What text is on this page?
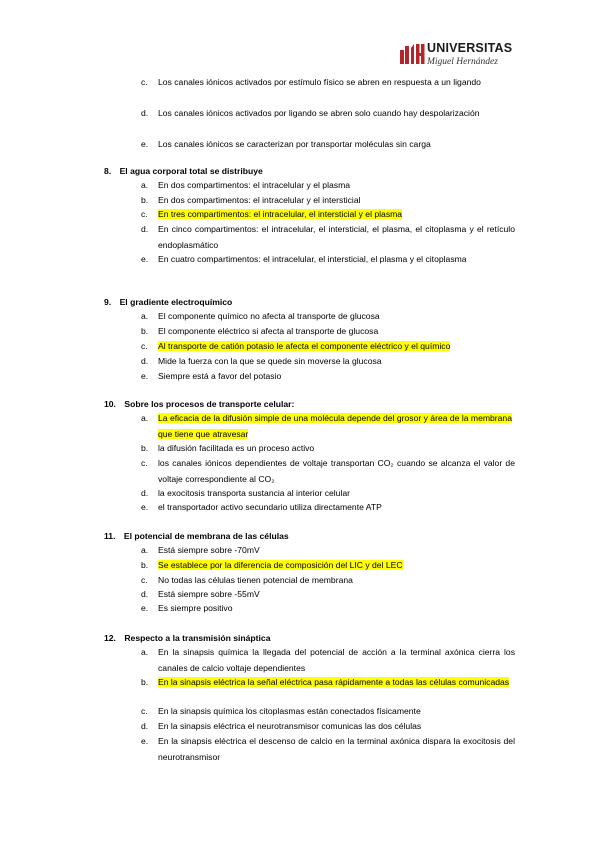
UNIVERSITAS
Miguel Hernández
c.	Los canales iónicos activados por estímulo físico se abren en respuesta a un ligando
d.	Los canales iónicos activados por ligando se abren solo cuando hay despolarización
e.	Los canales iónicos se caracterizan por transportar moléculas sin carga
8. El agua corporal total se distribuye
a.	En dos compartimentos: el intracelular y el plasma
b.	En dos compartimentos: el intracelular y el intersticial
c.	En tres compartimentos: el intracelular, el intersticial y el plasma
d.	En cinco compartimentos: el intracelular, el intersticial, el plasma, el citoplasma y el retículo endoplasmático
e.	En cuatro compartimentos: el intracelular, el intersticial, el plasma y el citoplasma
9. El gradiente electroquímico
a.	El componente químico no afecta al transporte de glucosa
b.	El componente eléctrico si afecta al transporte de glucosa
c.	Al transporte de catión potasio le afecta el componente eléctrico y el químico
d.	Mide la fuerza con la que se quede sin moverse la glucosa
e.	Siempre está a favor del potasio
10. Sobre los procesos de transporte celular:
a.	La eficacia de la difusión simple de una molécula depende del grosor y área de la membrana que tiene que atravesar
b.	la difusión facilitada es un proceso activo
c.	los canales iónicos dependientes de voltaje transportan CO₂ cuando se alcanza el valor de voltaje correspondiente al CO₂
d.	la exocitosis transporta sustancia al interior celular
e.	el transportador activo secundario utiliza directamente ATP
11. El potencial de membrana de las células
a.	Está siempre sobre -70mV
b.	Se establece por la diferencia de composición del LIC y del LEC
c.	No todas las células tienen potencial de membrana
d.	Está siempre sobre -55mV
e.	Es siempre positivo
12. Respecto a la transmisión sináptica
a.	En la sinapsis química la llegada del potencial de acción a la terminal axónica cierra los canales de calcio voltaje dependientes
b.	En la sinapsis eléctrica la señal eléctrica pasa rápidamente a todas las células comunicadas
c.	En la sinapsis química los citoplasmas están conectados físicamente
d.	En la sinapsis eléctrica el neurotransmisor comunicas las dos células
e.	En la sinapsis eléctrica el descenso de calcio en la terminal axónica dispara la exocitosis del neurotransmisor
